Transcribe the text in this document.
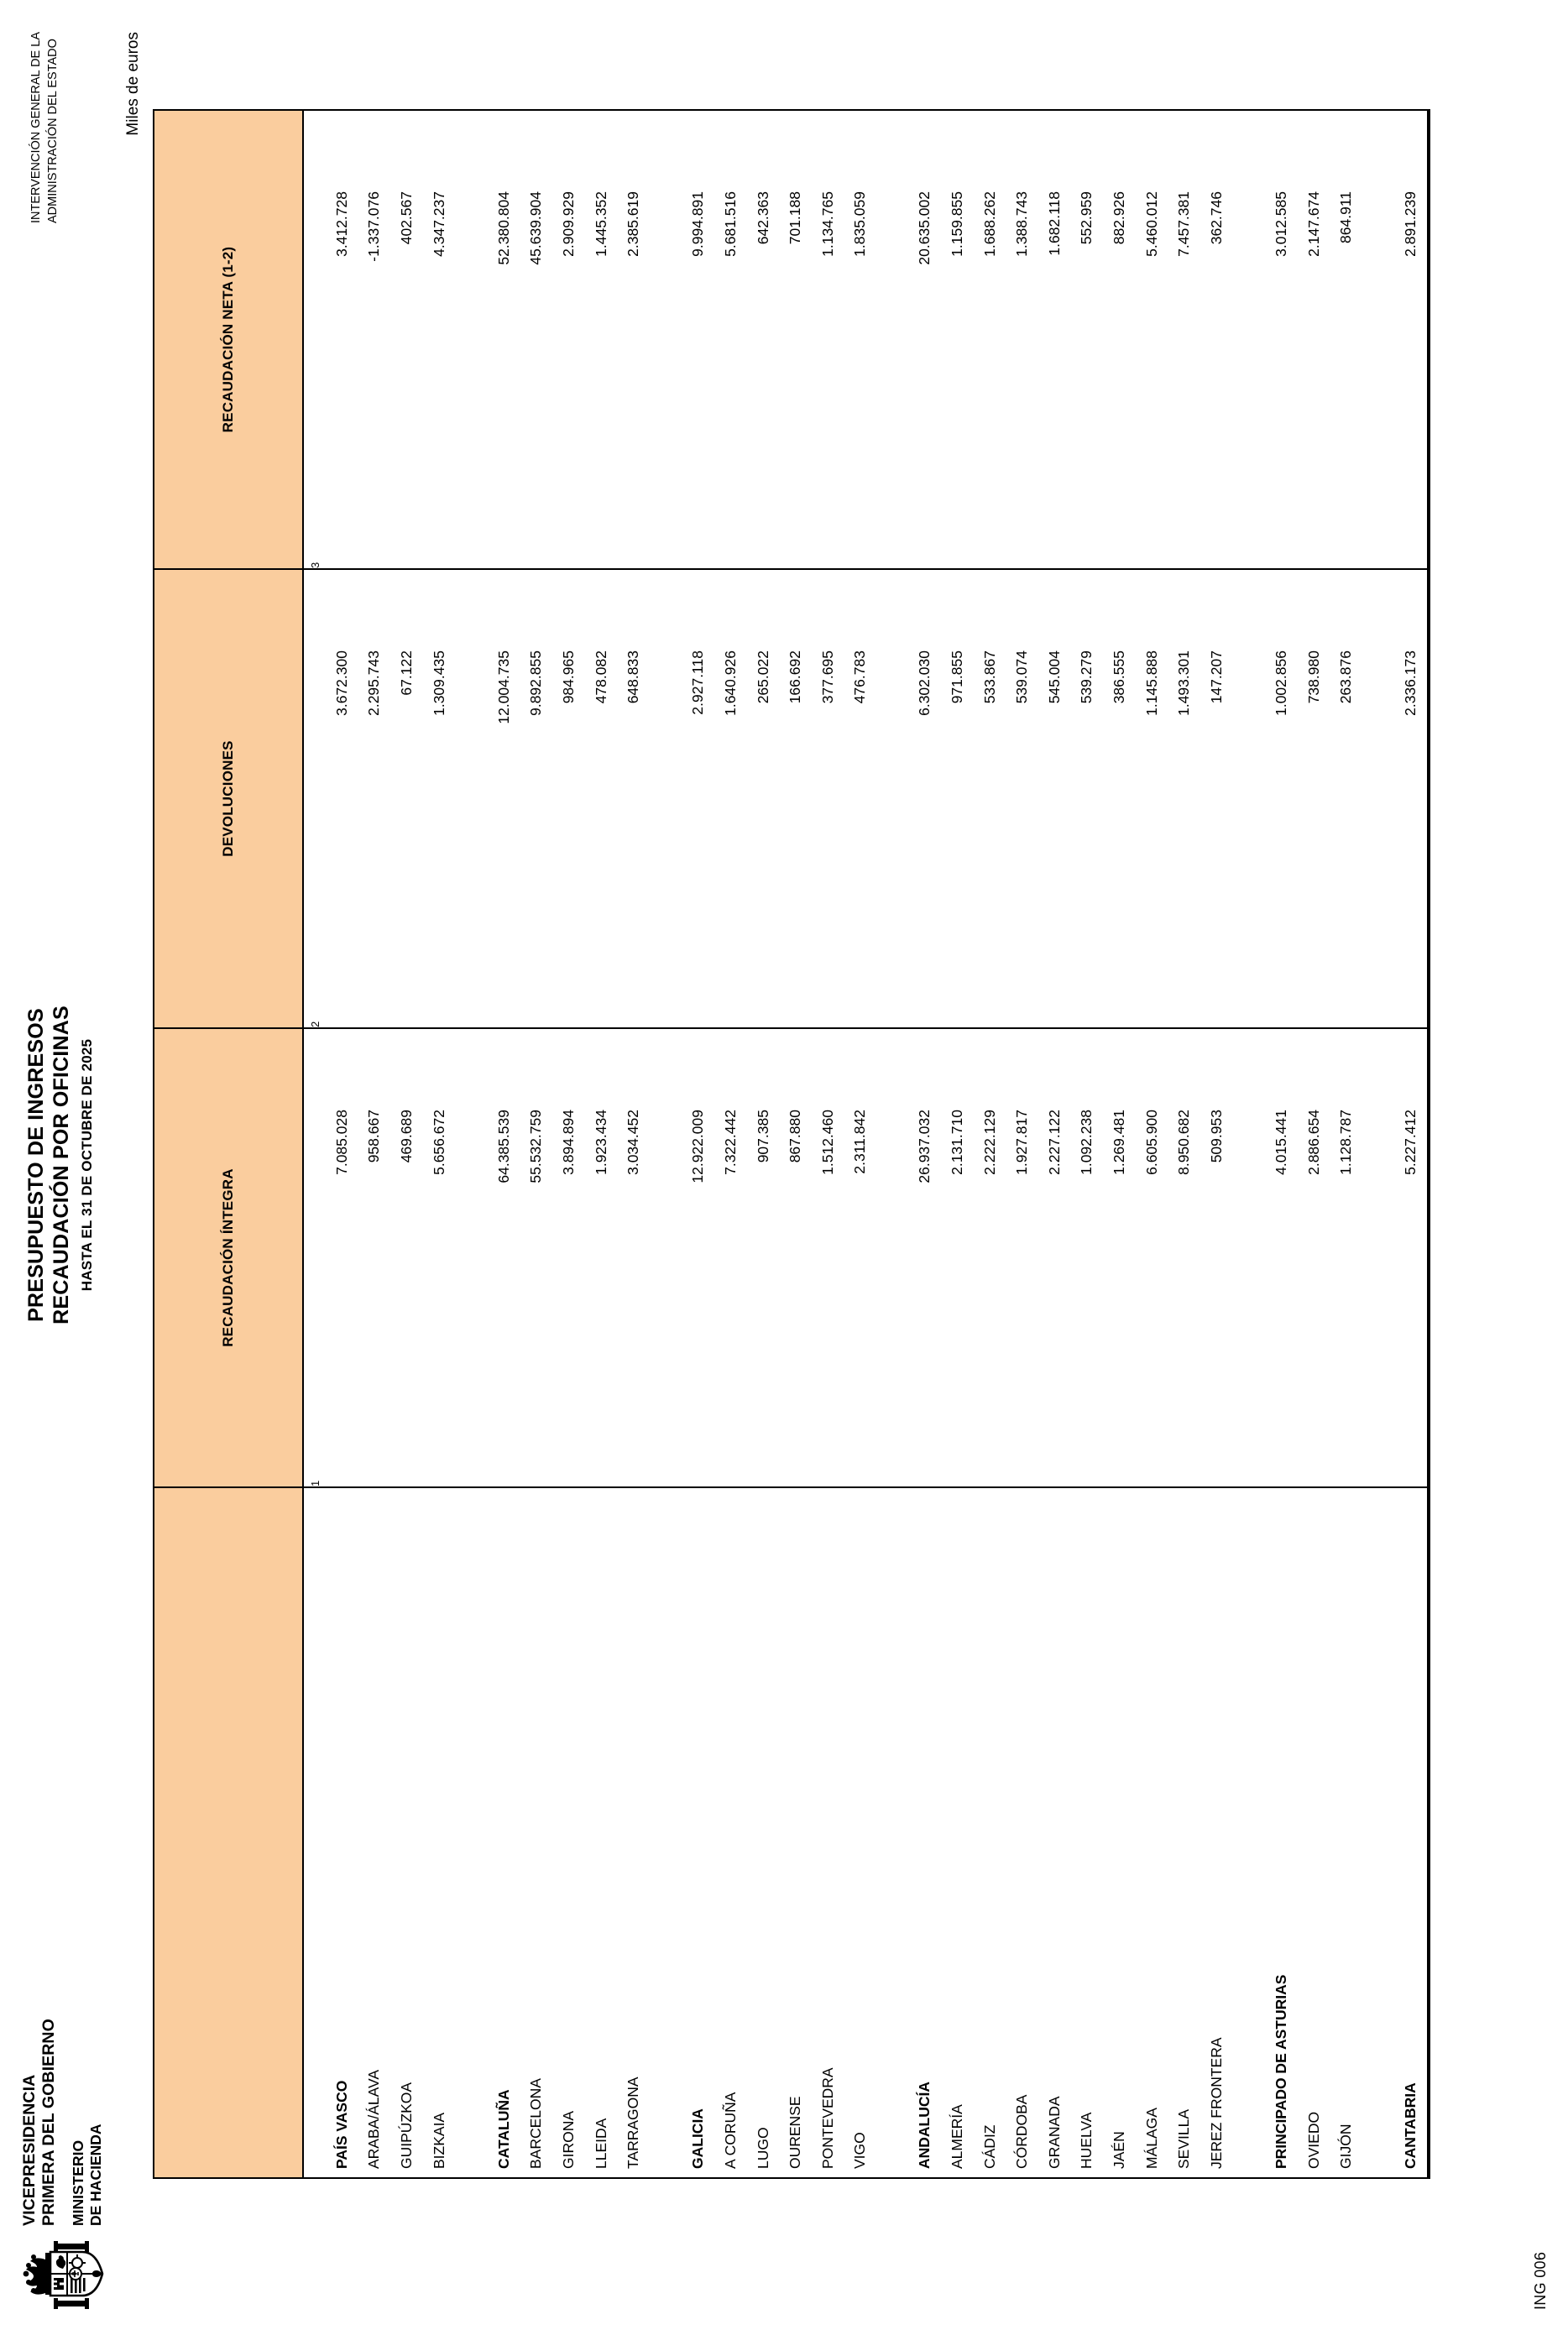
VICEPRESIDENCIA PRIMERA DEL GOBIERNO MINISTERIO DE HACIENDA
PRESUPUESTO DE INGRESOS RECAUDACIÓN POR OFICINAS HASTA EL 31 DE OCTUBRE DE 2025
INTERVENCIÓN GENERAL DE LA ADMINISTRACIÓN DEL ESTADO	Miles de euros
	RECAUDACIÓN ÍNTEGRA	DEVOLUCIONES	RECAUDACIÓN NETA (1-2)
	1	2	3
PAÍS VASCO	7.085.028	3.672.300	3.412.728
ARABA/ÁLAVA	958.667	2.295.743	-1.337.076
GUIPÚZKOA	469.689	67.122	402.567
BIZKAIA	5.656.672	1.309.435	4.347.237

CATALUÑA	64.385.539	12.004.735	52.380.804
BARCELONA	55.532.759	9.892.855	45.639.904
GIRONA	3.894.894	984.965	2.909.929
LLEIDA	1.923.434	478.082	1.445.352
TARRAGONA	3.034.452	648.833	2.385.619

GALICIA	12.922.009	2.927.118	9.994.891
A CORUÑA	7.322.442	1.640.926	5.681.516
LUGO	907.385	265.022	642.363
OURENSE	867.880	166.692	701.188
PONTEVEDRA	1.512.460	377.695	1.134.765
VIGO	2.311.842	476.783	1.835.059

ANDALUCÍA	26.937.032	6.302.030	20.635.002
ALMERÍA	2.131.710	971.855	1.159.855
CÁDIZ	2.222.129	533.867	1.688.262
CÓRDOBA	1.927.817	539.074	1.388.743
GRANADA	2.227.122	545.004	1.682.118
HUELVA	1.092.238	539.279	552.959
JAÉN	1.269.481	386.555	882.926
MÁLAGA	6.605.900	1.145.888	5.460.012
SEVILLA	8.950.682	1.493.301	7.457.381
JEREZ FRONTERA	509.953	147.207	362.746

PRINCIPADO DE ASTURIAS	4.015.441	1.002.856	3.012.585
OVIEDO	2.886.654	738.980	2.147.674
GIJÓN	1.128.787	263.876	864.911

CANTABRIA	5.227.412	2.336.173	2.891.239

ING 006
